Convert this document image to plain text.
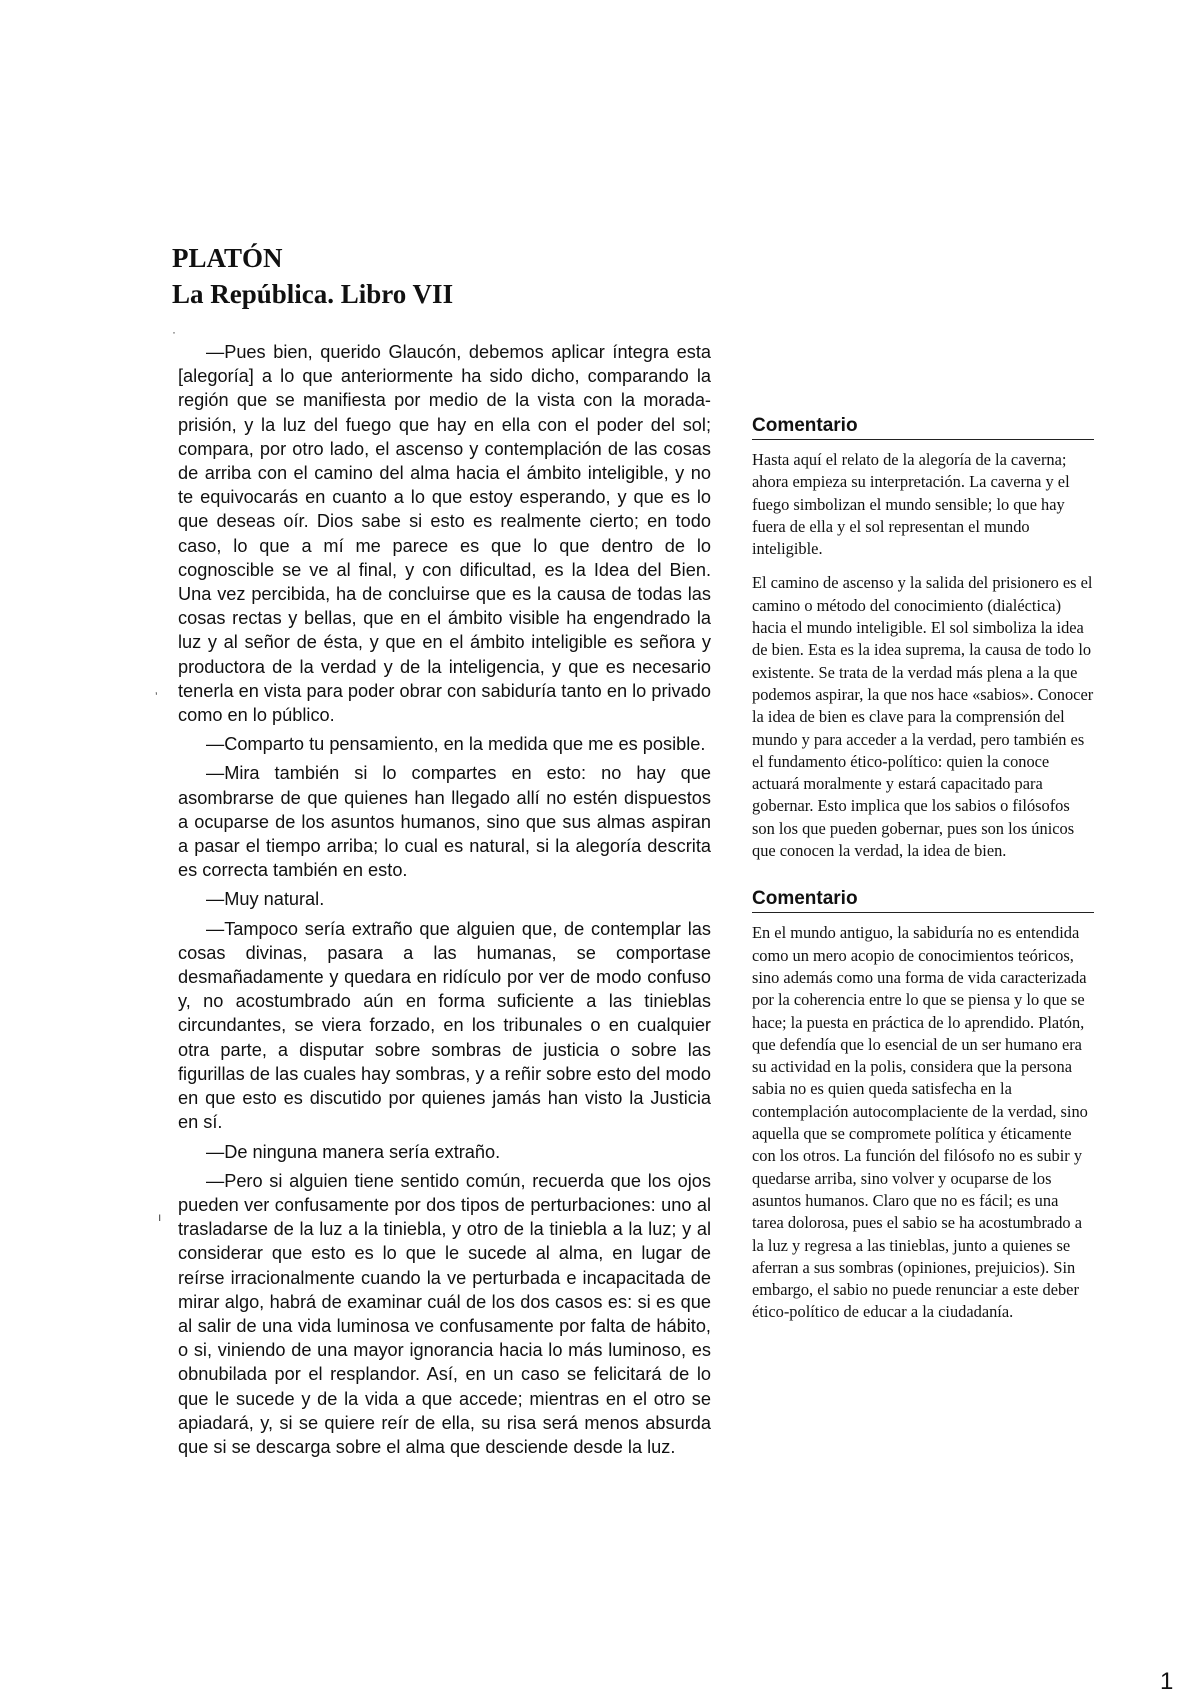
PLATÓN
La República. Libro VII

—Pues bien, querido Glaucón, debemos aplicar íntegra esta [alegoría] a lo que anteriormente ha sido dicho, comparando la región que se manifiesta por medio de la vista con la morada-prisión, y la luz del fuego que hay en ella con el poder del sol; compara, por otro lado, el ascenso y contemplación de las cosas de arriba con el camino del alma hacia el ámbito inteligible, y no te equivocarás en cuanto a lo que estoy esperando, y que es lo que deseas oír. Dios sabe si esto es realmente cierto; en todo caso, lo que a mí me parece es que lo que dentro de lo cognoscible se ve al final, y con dificultad, es la Idea del Bien. Una vez percibida, ha de concluirse que es la causa de todas las cosas rectas y bellas, que en el ámbito visible ha engendrado la luz y al señor de ésta, y que en el ámbito inteligible es señora y productora de la verdad y de la inteligencia, y que es necesario tenerla en vista para poder obrar con sabiduría tanto en lo privado como en lo público.

—Comparto tu pensamiento, en la medida que me es posible.

—Mira también si lo compartes en esto: no hay que asombrarse de que quienes han llegado allí no estén dispuestos a ocuparse de los asuntos humanos, sino que sus almas aspiran a pasar el tiempo arriba; lo cual es natural, si la alegoría descrita es correcta también en esto.

—Muy natural.

—Tampoco sería extraño que alguien que, de contemplar las cosas divinas, pasara a las humanas, se comportase desmañadamente y quedara en ridículo por ver de modo confuso y, no acostumbrado aún en forma suficiente a las tinieblas circundantes, se viera forzado, en los tribunales o en cualquier otra parte, a disputar sobre sombras de justicia o sobre las figurillas de las cuales hay sombras, y a reñir sobre esto del modo en que esto es discutido por quienes jamás han visto la Justicia en sí.

—De ninguna manera sería extraño.

—Pero si alguien tiene sentido común, recuerda que los ojos pueden ver confusamente por dos tipos de perturbaciones: uno al trasladarse de la luz a la tiniebla, y otro de la tiniebla a la luz; y al considerar que esto es lo que le sucede al alma, en lugar de reírse irracionalmente cuando la ve perturbada e incapacitada de mirar algo, habrá de examinar cuál de los dos casos es: si es que al salir de una vida luminosa ve confusamente por falta de hábito, o si, viniendo de una mayor ignorancia hacia lo más luminoso, es obnubilada por el resplandor. Así, en un caso se felicitará de lo que le sucede y de la vida a que accede; mientras en el otro se apiadará, y, si se quiere reír de ella, su risa será menos absurda que si se descarga sobre el alma que desciende desde la luz.

Comentario

Hasta aquí el relato de la alegoría de la caverna; ahora empieza su interpretación. La caverna y el fuego simbolizan el mundo sensible; lo que hay fuera de ella y el sol representan el mundo inteligible.

El camino de ascenso y la salida del prisionero es el camino o método del conocimiento (dialéctica) hacia el mundo inteligible. El sol simboliza la idea de bien. Esta es la idea suprema, la causa de todo lo existente. Se trata de la verdad más plena a la que podemos aspirar, la que nos hace «sabios». Conocer la idea de bien es clave para la comprensión del mundo y para acceder a la verdad, pero también es el fundamento ético-político: quien la conoce actuará moralmente y estará capacitado para gobernar. Esto implica que los sabios o filósofos son los que pueden gobernar, pues son los únicos que conocen la verdad, la idea de bien.

Comentario

En el mundo antiguo, la sabiduría no es entendida como un mero acopio de conocimientos teóricos, sino además como una forma de vida caracterizada por la coherencia entre lo que se piensa y lo que se hace; la puesta en práctica de lo aprendido. Platón, que defendía que lo esencial de un ser humano era su actividad en la polis, considera que la persona sabia no es quien queda satisfecha en la contemplación autocomplaciente de la verdad, sino aquella que se compromete política y éticamente con los otros. La función del filósofo no es subir y quedarse arriba, sino volver y ocuparse de los asuntos humanos. Claro que no es fácil; es una tarea dolorosa, pues el sabio se ha acostumbrado a la luz y regresa a las tinieblas, junto a quienes se aferran a sus sombras (opiniones, prejuicios). Sin embargo, el sabio no puede renunciar a este deber ético-político de educar a la ciudadanía.

·
ʼ
ı
1
